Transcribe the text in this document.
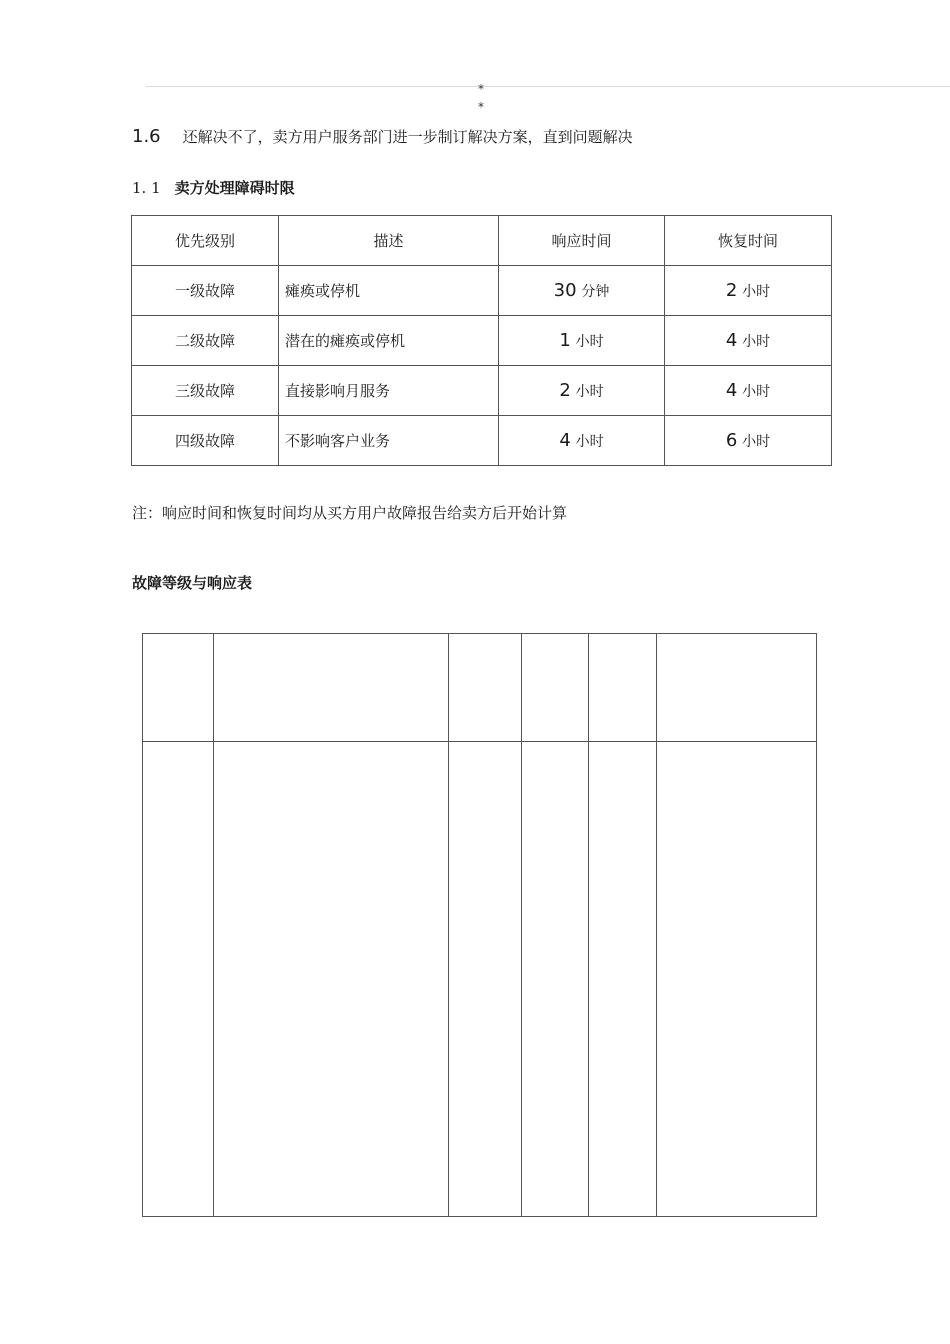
*
*
1.6 还解决不了，卖方用户服务部门进一步制订解决方案，直到问题解决
1. 1 卖方处理障碍时限
优先级别	描述	响应时间	恢复时间
一级故障	瘫痪或停机	30 分钟	2 小时
二级故障	潜在的瘫痪或停机	1 小时	4 小时
三级故障	直接影响月服务	2 小时	4 小时
四级故障	不影响客户业务	4 小时	6 小时
注：响应时间和恢复时间均从买方用户故障报告给卖方后开始计算
故障等级与响应表
